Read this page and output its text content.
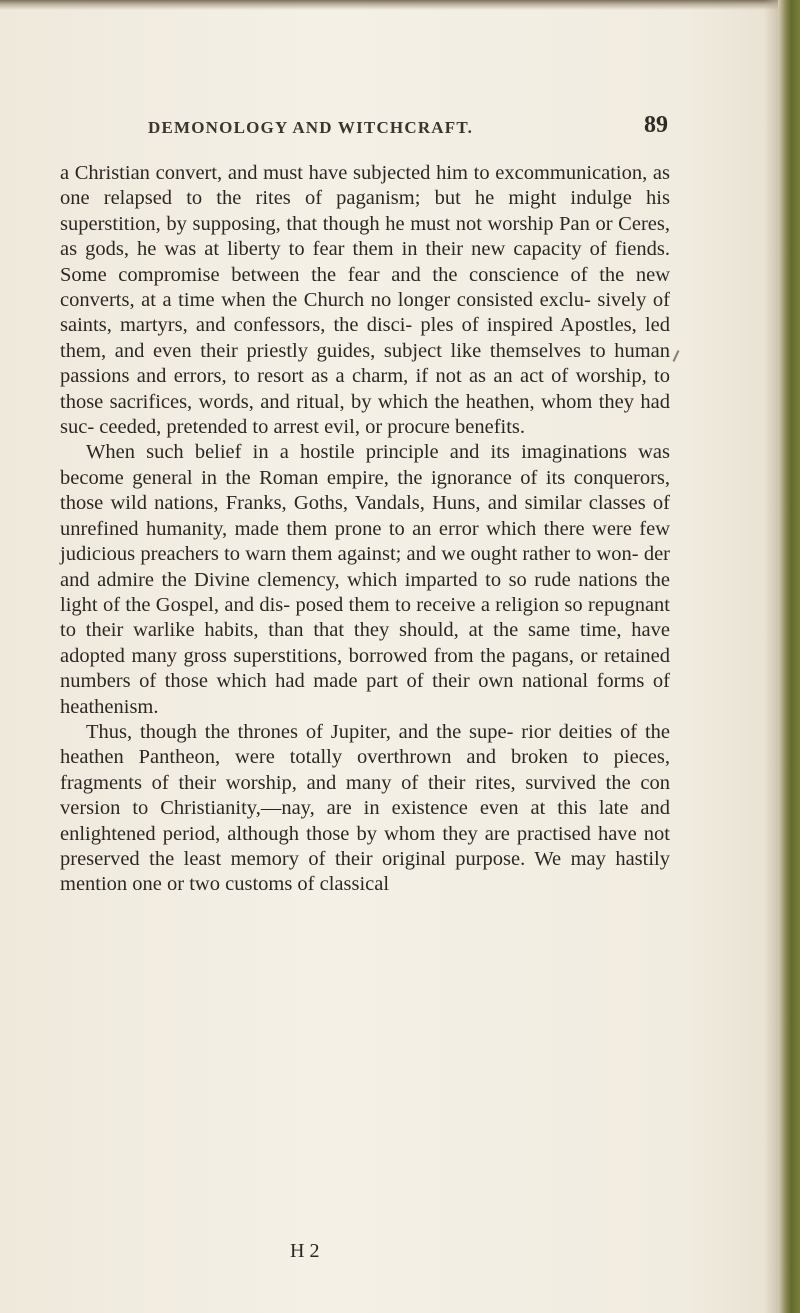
DEMONOLOGY AND WITCHCRAFT.	89

a Christian convert, and must have subjected him to excommunication, as one relapsed to the rites of paganism; but he might indulge his superstition, by supposing, that though he must not worship Pan or Ceres, as gods, he was at liberty to fear them in their new capacity of fiends. Some compromise between the fear and the conscience of the new converts, at a time when the Church no longer consisted exclu- sively of saints, martyrs, and confessors, the disci- ples of inspired Apostles, led them, and even their priestly guides, subject like themselves to human passions and errors, to resort as a charm, if not as an act of worship, to those sacrifices, words, and ritual, by which the heathen, whom they had suc- ceeded, pretended to arrest evil, or procure benefits.

When such belief in a hostile principle and its imaginations was become general in the Roman empire, the ignorance of its conquerors, those wild nations, Franks, Goths, Vandals, Huns, and similar classes of unrefined humanity, made them prone to an error which there were few judicious preachers to warn them against; and we ought rather to won- der and admire the Divine clemency, which imparted to so rude nations the light of the Gospel, and dis- posed them to receive a religion so repugnant to their warlike habits, than that they should, at the same time, have adopted many gross superstitions, borrowed from the pagans, or retained numbers of those which had made part of their own national forms of heathenism.

Thus, though the thrones of Jupiter, and the supe- rior deities of the heathen Pantheon, were totally overthrown and broken to pieces, fragments of their worship, and many of their rites, survived the con version to Christianity,—nay, are in existence even at this late and enlightened period, although those by whom they are practised have not preserved the least memory of their original purpose. We may hastily mention one or two customs of classical

H 2
